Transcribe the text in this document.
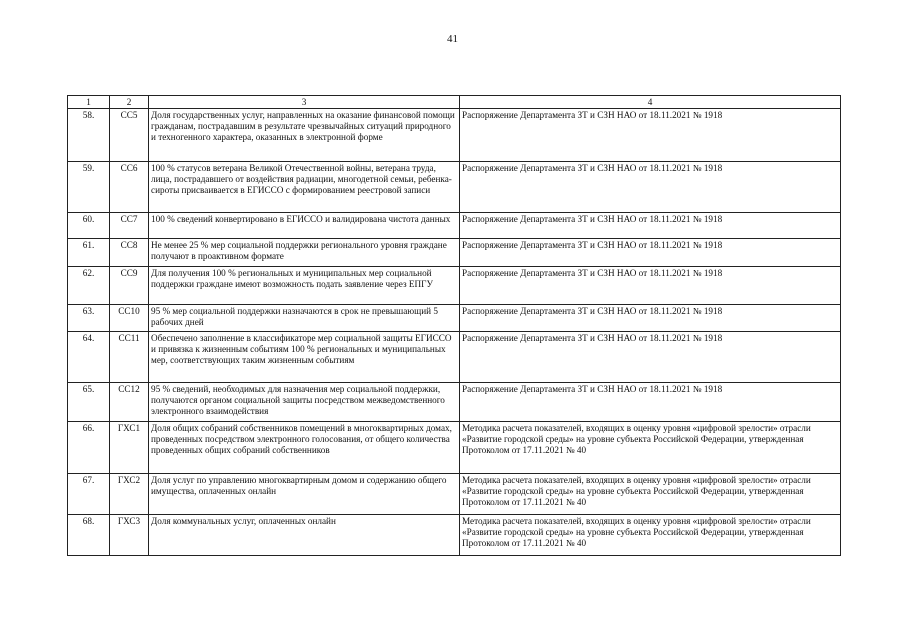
41
1	2	3	4
58.	СС5	Доля государственных услуг, направленных на оказание финансовой помощи гражданам, пострадавшим в результате чрезвычайных ситуаций природного и техногенного характера, оказанных в электронной форме	Распоряжение Департамента ЗТ и СЗН НАО от 18.11.2021 № 1918
59.	СС6	100 % статусов ветерана Великой Отечественной войны, ветерана труда, лица, пострадавшего от воздействия радиации, многодетной семьи, ребенка-сироты присваивается в ЕГИССО с формированием реестровой записи	Распоряжение Департамента ЗТ и СЗН НАО от 18.11.2021 № 1918
60.	СС7	100 % сведений конвертировано в ЕГИССО и валидирована чистота данных	Распоряжение Департамента ЗТ и СЗН НАО от 18.11.2021 № 1918
61.	СС8	Не менее 25 % мер социальной поддержки регионального уровня граждане получают в проактивном формате	Распоряжение Департамента ЗТ и СЗН НАО от 18.11.2021 № 1918
62.	СС9	Для получения 100 % региональных и муниципальных мер социальной поддержки граждане имеют возможность подать заявление через ЕПГУ	Распоряжение Департамента ЗТ и СЗН НАО от 18.11.2021 № 1918
63.	СС10	95 % мер социальной поддержки назначаются в срок не превышающий 5 рабочих дней	Распоряжение Департамента ЗТ и СЗН НАО от 18.11.2021 № 1918
64.	СС11	Обеспечено заполнение в классификаторе мер социальной защиты ЕГИССО и привязка к жизненным событиям 100 % региональных и муниципальных мер, соответствующих таким жизненным событиям	Распоряжение Департамента ЗТ и СЗН НАО от 18.11.2021 № 1918
65.	СС12	95 % сведений, необходимых для назначения мер социальной поддержки, получаются органом социальной защиты посредством межведомственного электронного взаимодействия	Распоряжение Департамента ЗТ и СЗН НАО от 18.11.2021 № 1918
66.	ГХС1	Доля общих собраний собственников помещений в многоквартирных домах, проведенных посредством электронного голосования, от общего количества проведенных общих собраний собственников	Методика расчета показателей, входящих в оценку уровня «цифровой зрелости» отрасли «Развитие городской среды» на уровне субъекта Российской Федерации, утвержденная Протоколом от 17.11.2021 № 40
67.	ГХС2	Доля услуг по управлению многоквартирным домом и содержанию общего имущества, оплаченных онлайн	Методика расчета показателей, входящих в оценку уровня «цифровой зрелости» отрасли «Развитие городской среды» на уровне субъекта Российской Федерации, утвержденная Протоколом от 17.11.2021 № 40
68.	ГХС3	Доля коммунальных услуг, оплаченных онлайн	Методика расчета показателей, входящих в оценку уровня «цифровой зрелости» отрасли «Развитие городской среды» на уровне субъекта Российской Федерации, утвержденная Протоколом от 17.11.2021 № 40
